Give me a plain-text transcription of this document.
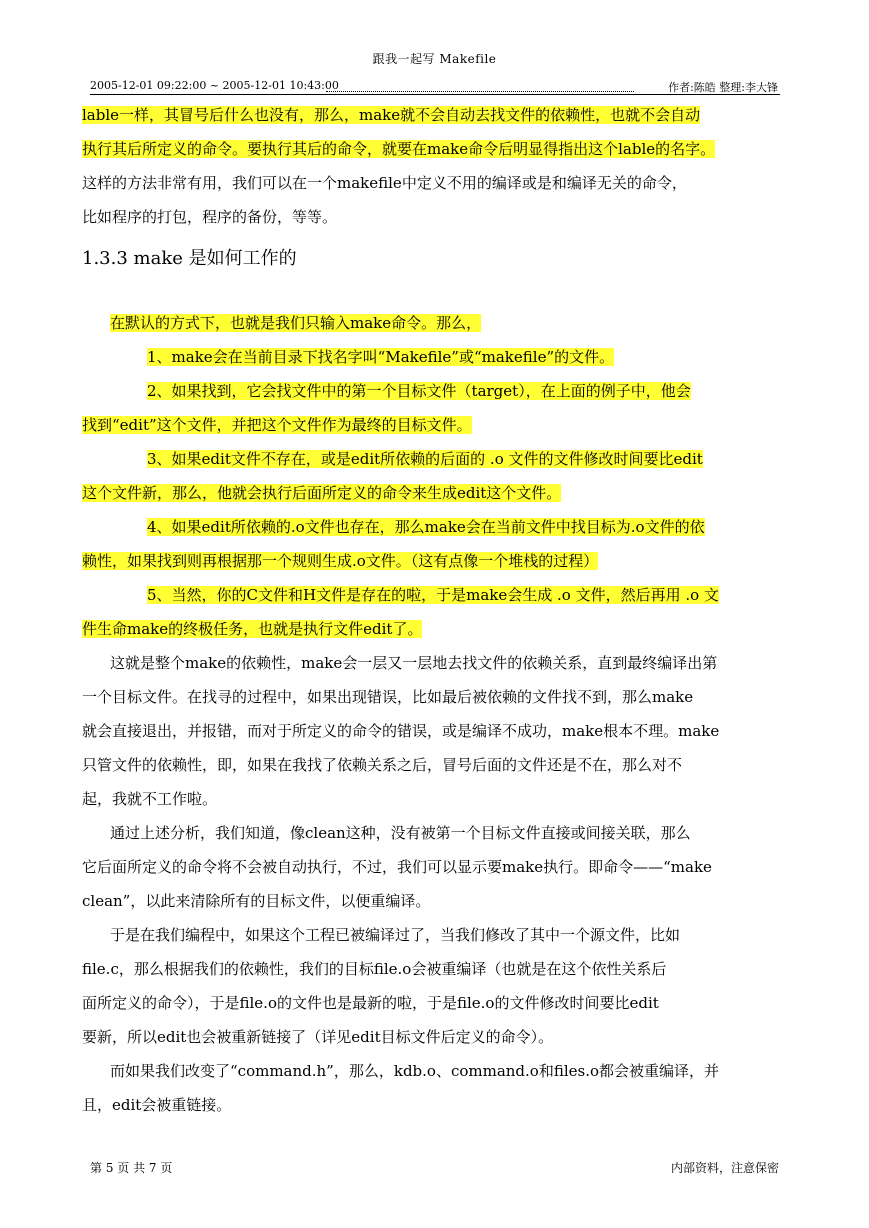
跟我一起写 Makefile
2005-12-01 09:22:00 ~ 2005-12-01 10:43:00	作者:陈皓 整理:李大锋

lable一样，其冒号后什么也没有，那么，make就不会自动去找文件的依赖性，也就不会自动
执行其后所定义的命令。要执行其后的命令，就要在make命令后明显得指出这个lable的名字。
这样的方法非常有用，我们可以在一个makefile中定义不用的编译或是和编译无关的命令，
比如程序的打包，程序的备份，等等。

1.3.3 make 是如何工作的

在默认的方式下，也就是我们只输入make命令。那么，

1、make会在当前目录下找名字叫“Makefile”或“makefile”的文件。
2、如果找到，它会找文件中的第一个目标文件（target），在上面的例子中，他会
找到“edit”这个文件，并把这个文件作为最终的目标文件。
3、如果edit文件不存在，或是edit所依赖的后面的 .o 文件的文件修改时间要比edit
这个文件新，那么，他就会执行后面所定义的命令来生成edit这个文件。
4、如果edit所依赖的.o文件也存在，那么make会在当前文件中找目标为.o文件的依
赖性，如果找到则再根据那一个规则生成.o文件。（这有点像一个堆栈的过程）
5、当然，你的C文件和H文件是存在的啦，于是make会生成 .o 文件，然后再用 .o 文
件生命make的终极任务，也就是执行文件edit了。

这就是整个make的依赖性，make会一层又一层地去找文件的依赖关系，直到最终编译出第
一个目标文件。在找寻的过程中，如果出现错误，比如最后被依赖的文件找不到，那么make
就会直接退出，并报错，而对于所定义的命令的错误，或是编译不成功，make根本不理。make
只管文件的依赖性，即，如果在我找了依赖关系之后，冒号后面的文件还是不在，那么对不
起，我就不工作啦。

通过上述分析，我们知道，像clean这种，没有被第一个目标文件直接或间接关联，那么
它后面所定义的命令将不会被自动执行，不过，我们可以显示要make执行。即命令——“make
clean”，以此来清除所有的目标文件，以便重编译。

于是在我们编程中，如果这个工程已被编译过了，当我们修改了其中一个源文件，比如
file.c，那么根据我们的依赖性，我们的目标file.o会被重编译（也就是在这个依性关系后
面所定义的命令），于是file.o的文件也是最新的啦，于是file.o的文件修改时间要比edit
要新，所以edit也会被重新链接了（详见edit目标文件后定义的命令）。

而如果我们改变了“command.h”，那么，kdb.o、command.o和files.o都会被重编译，并
且，edit会被重链接。

第 5 页 共 7 页	内部资料，注意保密
